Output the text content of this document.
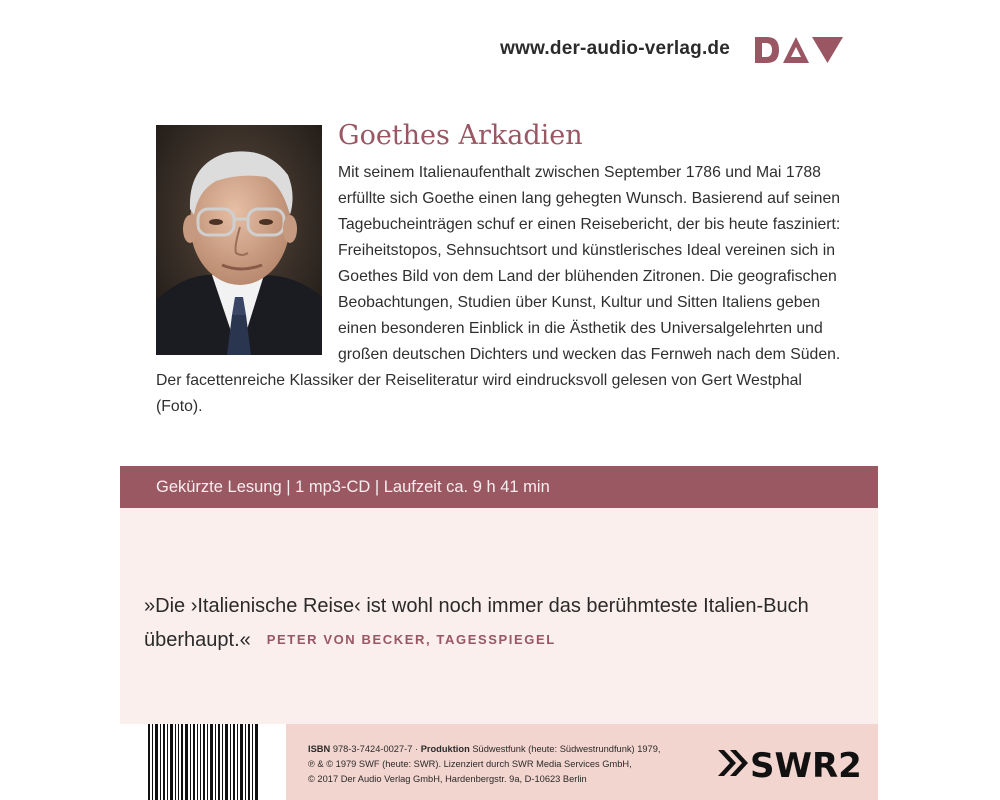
www.der-audio-verlag.de
Goethes Arkadien

Mit seinem Italienaufenthalt zwischen September 1786 und Mai 1788 erfüllte sich Goethe einen lang gehegten Wunsch. Basierend auf seinen Tagebucheinträgen schuf er einen Reisebericht, der bis heute fasziniert: Freiheitstopos, Sehnsuchtsort und künstlerisches Ideal vereinen sich in Goethes Bild von dem Land der blühenden Zitronen. Die geografischen Beobachtungen, Studien über Kunst, Kultur und Sitten Italiens geben einen besonderen Einblick in die Ästhetik des Universalgelehrten und großen deutschen Dichters und wecken das Fernweh nach dem Süden. Der facettenreiche Klassiker der Reiseliteratur wird eindrucksvoll gelesen von Gert Westphal (Foto).

Gekürzte Lesung | 1 mp3-CD | Laufzeit ca. 9 h 41 min

»Die ›Italienische Reise‹ ist wohl noch immer das berühmteste Italien-Buch überhaupt.« PETER VON BECKER, TAGESSPIEGEL

ISBN 978-3-7424-0027-7 · Produktion Südwestfunk (heute: Südwestrundfunk) 1979,
℗ & © 1979 SWF (heute: SWR). Lizenziert durch SWR Media Services GmbH,
© 2017 Der Audio Verlag GmbH, Hardenbergstr. 9a, D-10623 Berlin	SWR2
